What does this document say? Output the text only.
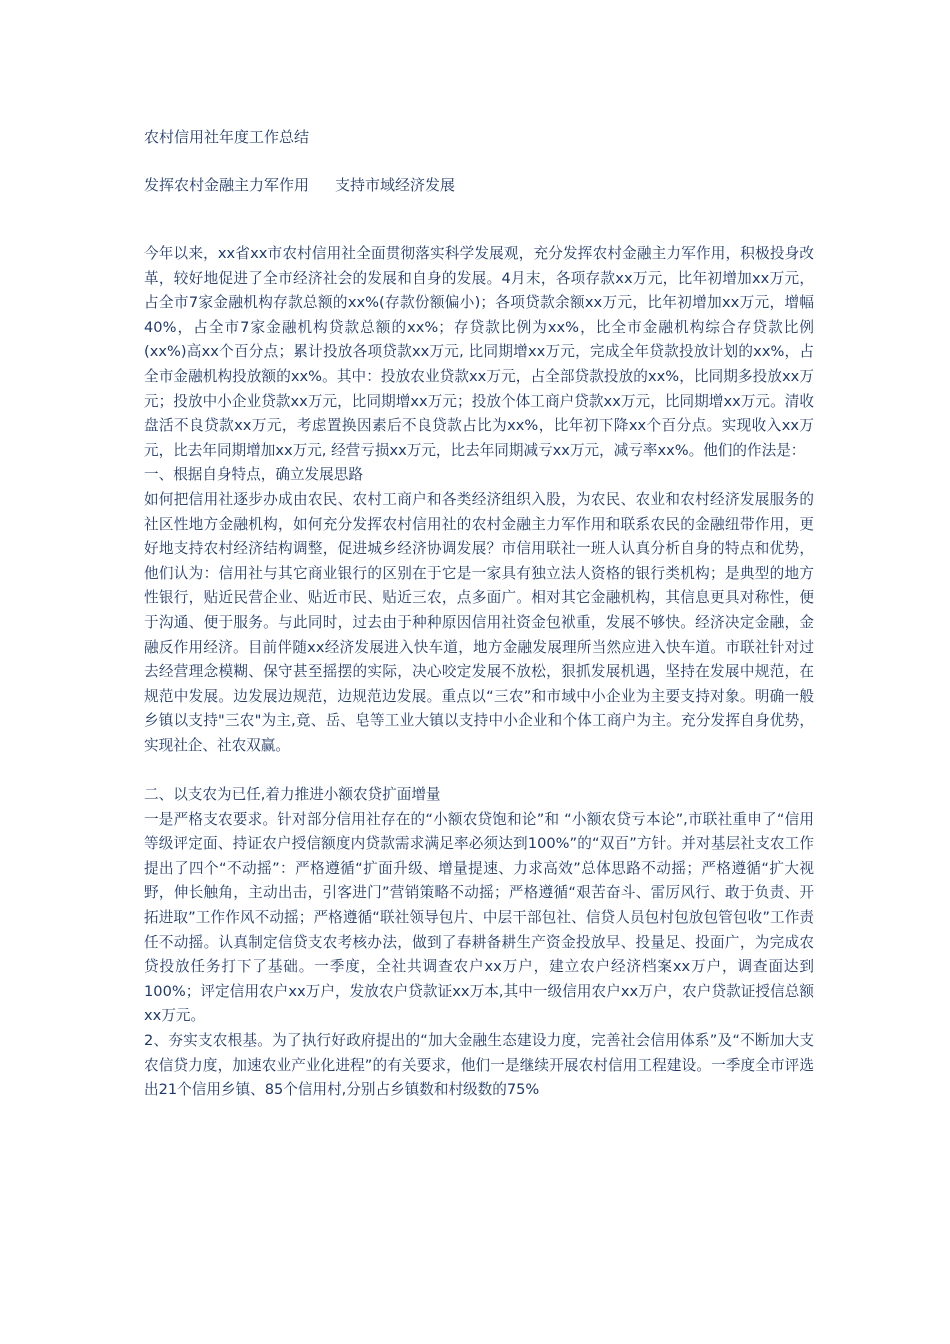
农村信用社年度工作总结
发挥农村金融主力军作用 支持市域经济发展

今年以来，xx省xx市农村信用社全面贯彻落实科学发展观，充分发挥农村金融主力军作用，积极投身改革，较好地促进了全市经济社会的发展和自身的发展。4月末，各项存款xx万元，比年初增加xx万元，占全市7家金融机构存款总额的xx%(存款份额偏小)；各项贷款余额xx万元，比年初增加xx万元，增幅40%，占全市7家金融机构贷款总额的xx%；存贷款比例为xx%，比全市金融机构综合存贷款比例(xx%)高xx个百分点；累计投放各项贷款xx万元, 比同期增xx万元，完成全年贷款投放计划的xx%，占全市金融机构投放额的xx%。其中：投放农业贷款xx万元，占全部贷款投放的xx%，比同期多投放xx万元；投放中小企业贷款xx万元，比同期增xx万元；投放个体工商户贷款xx万元，比同期增xx万元。清收盘活不良贷款xx万元，考虑置换因素后不良贷款占比为xx%，比年初下降xx个百分点。实现收入xx万元，比去年同期增加xx万元, 经营亏损xx万元，比去年同期减亏xx万元，减亏率xx%。他们的作法是：

一、根据自身特点，确立发展思路

如何把信用社逐步办成由农民、农村工商户和各类经济组织入股，为农民、农业和农村经济发展服务的社区性地方金融机构，如何充分发挥农村信用社的农村金融主力军作用和联系农民的金融纽带作用，更好地支持农村经济结构调整，促进城乡经济协调发展？市信用联社一班人认真分析自身的特点和优势，他们认为：信用社与其它商业银行的区别在于它是一家具有独立法人资格的银行类机构；是典型的地方性银行，贴近民营企业、贴近市民、贴近三农，点多面广。相对其它金融机构，其信息更具对称性，便于沟通、便于服务。与此同时，过去由于种种原因信用社资金包袱重，发展不够快。经济决定金融，金融反作用经济。目前伴随xx经济发展进入快车道，地方金融发展理所当然应进入快车道。市联社针对过去经营理念模糊、保守甚至摇摆的实际，决心咬定发展不放松，狠抓发展机遇，坚持在发展中规范，在规范中发展。边发展边规范，边规范边发展。重点以“三农”和市域中小企业为主要支持对象。明确一般乡镇以支持"三农"为主,竟、岳、皂等工业大镇以支持中小企业和个体工商户为主。充分发挥自身优势，实现社企、社农双赢。

二、以支农为已任,着力推进小额农贷扩面增量

一是严格支农要求。针对部分信用社存在的“小额农贷饱和论”和 “小额农贷亏本论”,市联社重申了“信用等级评定面、持证农户授信额度内贷款需求满足率必须达到100%”的“双百”方针。并对基层社支农工作提出了四个“不动摇”：严格遵循“扩面升级、增量提速、力求高效”总体思路不动摇；严格遵循“扩大视野，伸长触角，主动出击，引客进门”营销策略不动摇；严格遵循“艰苦奋斗、雷厉风行、敢于负责、开拓进取”工作作风不动摇；严格遵循“联社领导包片、中层干部包社、信贷人员包村包放包管包收”工作责任不动摇。认真制定信贷支农考核办法，做到了春耕备耕生产资金投放早、投量足、投面广，为完成农贷投放任务打下了基础。一季度，全社共调查农户xx万户，建立农户经济档案xx万户，调查面达到100%；评定信用农户xx万户，发放农户贷款证xx万本,其中一级信用农户xx万户，农户贷款证授信总额xx万元。

2、夯实支农根基。为了执行好政府提出的“加大金融生态建设力度，完善社会信用体系”及“不断加大支农信贷力度，加速农业产业化进程”的有关要求，他们一是继续开展农村信用工程建设。一季度全市评选出21个信用乡镇、85个信用村,分别占乡镇数和村级数的75%
